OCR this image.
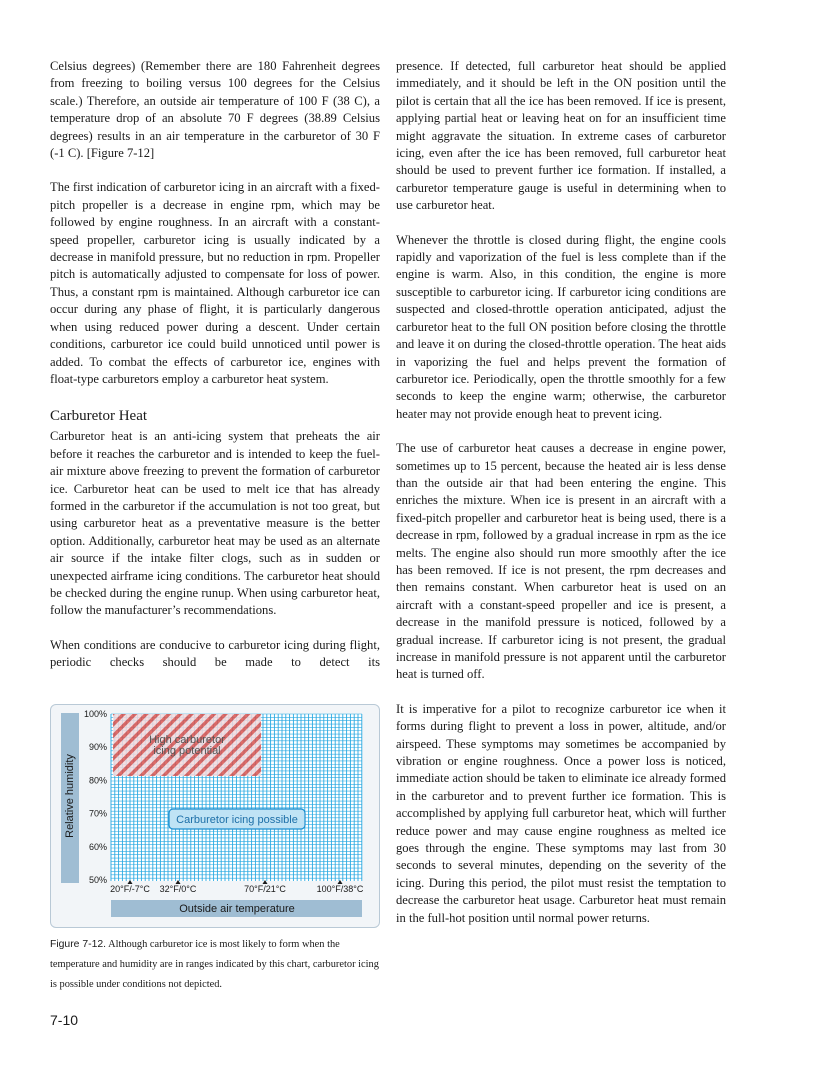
Celsius degrees) (Remember there are 180 Fahrenheit degrees from freezing to boiling versus 100 degrees for the Celsius scale.) Therefore, an outside air temperature of 100 F (38 C), a temperature drop of an absolute 70 F degrees (38.89 Celsius degrees) results in an air temperature in the carburetor of 30 F (-1 C). [Figure 7-12]

The first indication of carburetor icing in an aircraft with a fixed-pitch propeller is a decrease in engine rpm, which may be followed by engine roughness. In an aircraft with a constant-speed propeller, carburetor icing is usually indicated by a decrease in manifold pressure, but no reduction in rpm. Propeller pitch is automatically adjusted to compensate for loss of power. Thus, a constant rpm is maintained. Although carburetor ice can occur during any phase of flight, it is particularly dangerous when using reduced power during a descent. Under certain conditions, carburetor ice could build unnoticed until power is added. To combat the effects of carburetor ice, engines with float-type carburetors employ a carburetor heat system.

Carburetor Heat

Carburetor heat is an anti-icing system that preheats the air before it reaches the carburetor and is intended to keep the fuel-air mixture above freezing to prevent the formation of carburetor ice. Carburetor heat can be used to melt ice that has already formed in the carburetor if the accumulation is not too great, but using carburetor heat as a preventative measure is the better option. Additionally, carburetor heat may be used as an alternate air source if the intake filter clogs, such as in sudden or unexpected airframe icing conditions. The carburetor heat should be checked during the engine runup. When using carburetor heat, follow the manufacturer’s recommendations.

When conditions are conducive to carburetor icing during flight, periodic checks should be made to detect its

Relative humidity
High carburetor
icing potential
Carburetor icing possible
100%
90%
80%
70%
60%
50%
20°F/-7°C 32°F/0°C	70°F/21°C	100°F/38°C
Outside air temperature
Figure 7-12. Although carburetor ice is most likely to form when the temperature and humidity are in ranges indicated by this chart, carburetor icing is possible under conditions not depicted.
7-10

presence. If detected, full carburetor heat should be applied immediately, and it should be left in the ON position until the pilot is certain that all the ice has been removed. If ice is present, applying partial heat or leaving heat on for an insufficient time might aggravate the situation. In extreme cases of carburetor icing, even after the ice has been removed, full carburetor heat should be used to prevent further ice formation. If installed, a carburetor temperature gauge is useful in determining when to use carburetor heat.

Whenever the throttle is closed during flight, the engine cools rapidly and vaporization of the fuel is less complete than if the engine is warm. Also, in this condition, the engine is more susceptible to carburetor icing. If carburetor icing conditions are suspected and closed-throttle operation anticipated, adjust the carburetor heat to the full ON position before closing the throttle and leave it on during the closed-throttle operation. The heat aids in vaporizing the fuel and helps prevent the formation of carburetor ice. Periodically, open the throttle smoothly for a few seconds to keep the engine warm; otherwise, the carburetor heater may not provide enough heat to prevent icing.

The use of carburetor heat causes a decrease in engine power, sometimes up to 15 percent, because the heated air is less dense than the outside air that had been entering the engine. This enriches the mixture. When ice is present in an aircraft with a fixed-pitch propeller and carburetor heat is being used, there is a decrease in rpm, followed by a gradual increase in rpm as the ice melts. The engine also should run more smoothly after the ice has been removed. If ice is not present, the rpm decreases and then remains constant. When carburetor heat is used on an aircraft with a constant-speed propeller and ice is present, a decrease in the manifold pressure is noticed, followed by a gradual increase. If carburetor icing is not present, the gradual increase in manifold pressure is not apparent until the carburetor heat is turned off.

It is imperative for a pilot to recognize carburetor ice when it forms during flight to prevent a loss in power, altitude, and/or airspeed. These symptoms may sometimes be accompanied by vibration or engine roughness. Once a power loss is noticed, immediate action should be taken to eliminate ice already formed in the carburetor and to prevent further ice formation. This is accomplished by applying full carburetor heat, which will further reduce power and may cause engine roughness as melted ice goes through the engine. These symptoms may last from 30 seconds to several minutes, depending on the severity of the icing. During this period, the pilot must resist the temptation to decrease the carburetor heat usage. Carburetor heat must remain in the full-hot position until normal power returns.
